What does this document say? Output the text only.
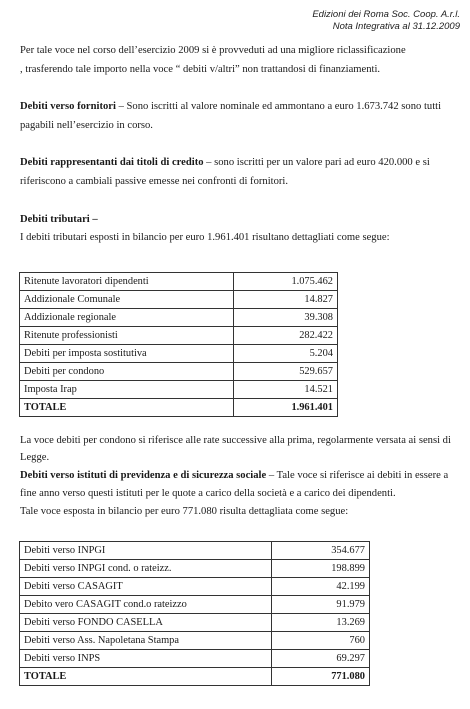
Edizioni dei Roma Soc. Coop. A.r.l.
Nota Integrativa al 31.12.2009
Per tale voce nel corso dell’esercizio 2009 si è provveduti ad una migliore riclassificazione
, trasferendo tale importo nella voce “ debiti v/altri” non trattandosi di finanziamenti.
Debiti verso fornitori – Sono iscritti al valore nominale ed ammontano a euro 1.673.742 sono tutti
pagabili nell’esercizio in corso.
Debiti rappresentanti dai titoli di credito – sono iscritti per un valore pari ad euro 420.000 e si
riferiscono a cambiali passive emesse nei confronti di fornitori.
Debiti tributari –
I debiti tributari esposti in bilancio per euro 1.961.401 risultano dettagliati come segue:
Ritenute lavoratori dipendenti	1.075.462
Addizionale Comunale	14.827
Addizionale regionale	39.308
Ritenute professionisti	282.422
Debiti per imposta sostitutiva	5.204
Debiti per condono	529.657
Imposta Irap	14.521
TOTALE	1.961.401
La voce debiti per condono si riferisce alle rate successive alla prima, regolarmente versata ai sensi di
Legge.
Debiti verso istituti di previdenza e di sicurezza sociale – Tale voce si riferisce ai debiti in essere a
fine anno verso questi istituti per le quote a carico della società e a carico dei dipendenti.
Tale voce esposta in bilancio per euro 771.080 risulta dettagliata come segue:
Debiti verso INPGI	354.677
Debiti verso INPGI cond. o rateizz.	198.899
Debiti verso CASAGIT	42.199
Debito vero CASAGIT cond.o rateizzo	91.979
Debiti verso FONDO CASELLA	13.269
Debiti verso Ass. Napoletana Stampa	760
Debiti verso INPS	69.297
TOTALE	771.080
